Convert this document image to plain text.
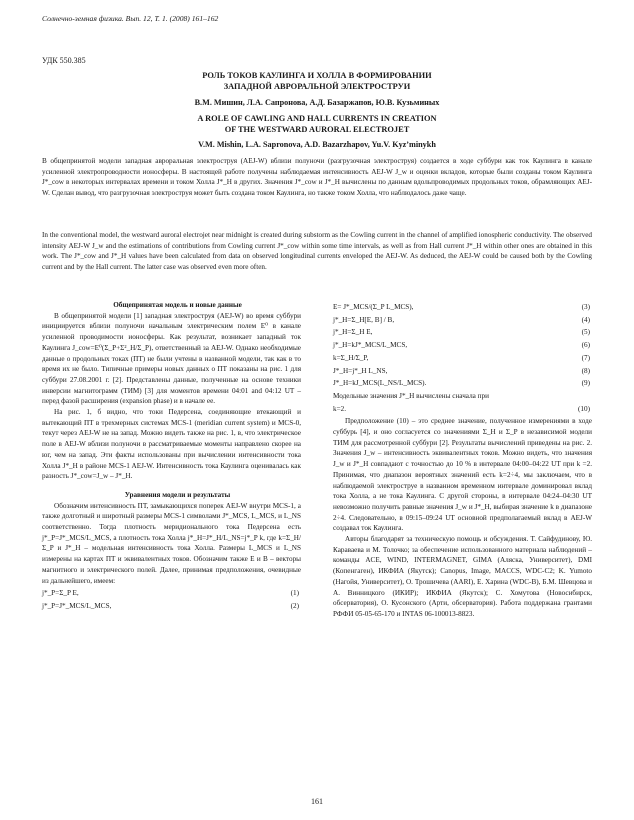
Солнечно-земная физика. Вып. 12, Т. 1. (2008) 161–162
УДК 550.385
РОЛЬ ТОКОВ КАУЛИНГА И ХОЛЛА В ФОРМИРОВАНИИ
ЗАПАДНОЙ АВРОРАЛЬНОЙ ЭЛЕКТРОСТРУИ
В.М. Мишин, Л.А. Сапронова, А.Д. Базаржапов, Ю.В. Кузьминых
A ROLE OF CAWLING AND HALL CURRENTS IN CREATION
OF THE WESTWARD AURORAL ELECTROJET
V.M. Mishin, L.A. Sapronova, A.D. Bazarzhapov, Yu.V. Kyz’minykh
В общепринятой модели западная авроральная электроструя (AEJ-W) вблизи полуночи (разгрузочная электроструя) создается в ходе суббури как ток Каулинга в канале усиленной электропроводности ионосферы. В настоящей работе получены наблюдаемая интенсивность AEJ-W J_w и оценки вкладов, которые были созданы током Каулинга J*_cow в некоторых интервалах времени и током Холла J*_H в других. Значения J*_cow и J*_H вычислены по данным вдольпроводимых продольных токов, обрамляющих AEJ-W. Сделан вывод, что разгрузочная электроструя может быть создана током Каулинга, но также током Холла, что наблюдалось даже чаще.
In the conventional model, the westward auroral electrojet near midnight is created during substorm as the Cowling current in the channel of amplified ionospheric conductivity. The observed intensity AEJ-W J_w and the estimations of contributions from Cowling current J*_cow within some time intervals, as well as from Hall current J*_H within other ones are obtained in this work. The J*_cow and J*_H values have been calculated from data on observed longitudinal currents enveloped the AEJ-W. As deduced, the AEJ-W could be caused both by the Cowling current and by the Hall current. The latter case was observed even more often.

Общепринятая модель и новые данные

В общепринятой модели [1] западная электроструя (AEJ-W) во время суббури инициируется вблизи полуночи начальным электрическим полем E⁰ в канале усиленной проводимости ионосферы. Как результат, возникает западный ток Каулинга J_cow=E⁰(Σ_P+Σ²_H/Σ_P), ответственный за AEJ-W. Однако необходимые данные о продольных токах (ПТ) не были учтены в названной модели, так как в то время их не было. Типичные примеры новых данных о ПТ показаны на рис. 1 для суббури 27.08.2001 г. [2]. Представлены данные, полученные на основе техники инверсии магнитограмм (ТИМ) [3] для моментов времени 04:01 and 04:12 UT – перед фазой расширения (expansion phase) и в начале ее.

На рис. 1, б видно, что токи Педерсена, соединяющие втекающий и вытекающий ПТ в трехмерных системах MCS-1 (meridian current system) и MCS-0, текут через AEJ-W не на запад. Можно видеть также на рис. 1, в, что электрическое поле в AEJ-W вблизи полуночи в рассматриваемые моменты направлено скорее на юг, чем на запад. Эти факты использованы при вычислении интенсивности тока Холла J*_H в районе MCS-1 AEJ-W. Интенсивность тока Каулинга оценивалась как разность J*_cow=J_w – J*_H.

Уравнения модели и результаты

Обозначим интенсивность ПТ, замыкающихся поперек AEJ-W внутри MCS-1, а также долготный и широтный размеры MCS-1 символами J*_MCS, L_MCS, и L_NS соответственно. Тогда плотность меридионального тока Педерсена есть j*_P=J*_MCS/L_MCS, а плотность тока Холла j*_H=J*_H/L_NS=j*_P k, где k=Σ_H/Σ_P и J*_H – модельная интенсивность тока Холла. Размеры L_MCS и L_NS измерены на картах ПТ и эквивалентных токов. Обозначим также E и B – векторы магнитного и электрического полей. Далее, принимая предположения, очевидные из дальнейшего, имеем:

j*_P=Σ_P E,	(1)
j*_P=J*_MCS/L_MCS,	(2)
E= J*_MCS/(Σ_P L_MCS),	(3)
j*_H=Σ_H[E, B] / B,	(4)
j*_H=Σ_H E,	(5)
j*_H=kJ*_MCS/L_MCS,	(6)
k=Σ_H/Σ_P,	(7)
J*_H=j*_H L_NS,	(8)
J*_H=kJ_MCS(L_NS/L_MCS).	(9)

Модельные значения J*_H вычислены сначала при

k=2.	(10)

Предположение (10) – это среднее значение, полученное измерениями в ходе суббурь [4], и оно согласуется со значениями Σ_H и Σ_P в независимой модели ТИМ для рассмотренной суббури [2]. Результаты вычислений приведены на рис. 2. Значения J_w – интенсивность эквивалентных токов. Можно видеть, что значения J_w и J*_H совпадают с точностью до 10 % в интервале 04:00–04:22 UT при k =2. Принимая, что диапазон вероятных значений есть k=2÷4, мы заключаем, что в наблюдаемой электроструе в названном временном интервале доминировал вклад тока Холла, а не тока Каулинга. С другой стороны, в интервале 04:24–04:30 UT невозможно получить равные значения J_w и J*_H, выбирая значение k в диапазоне 2÷4. Следовательно, в 09:15–09:24 UT основной предполагаемый вклад в AEJ-W создавал ток Каулинга.

Авторы благодарят за техническую помощь и обсуждения. Т. Сайфудинову, Ю. Караваева и М. Толочко; за обеспечение использованного материала наблюдений – команды ACE, WIND, INTERMAGNET, GIMA (Аляска, Университет), DMI (Копенгаген), ИКФИА (Якутск); Canopus, Image, MACCS, WDC-C2; K. Yumoto (Нагойя, Университет), O. Трошичева (AARI), Е. Харина (WDC-B), Б.М. Шевцова и А. Винницкого (ИКИР); ИКФИА (Якутск); С. Хомутова (Новосибирск, обсерватория), О. Кусонского (Арти, обсерватория). Работа поддержана грантами РФФИ 05-05-65-170 и INTAS 06-100013-8823.

161
